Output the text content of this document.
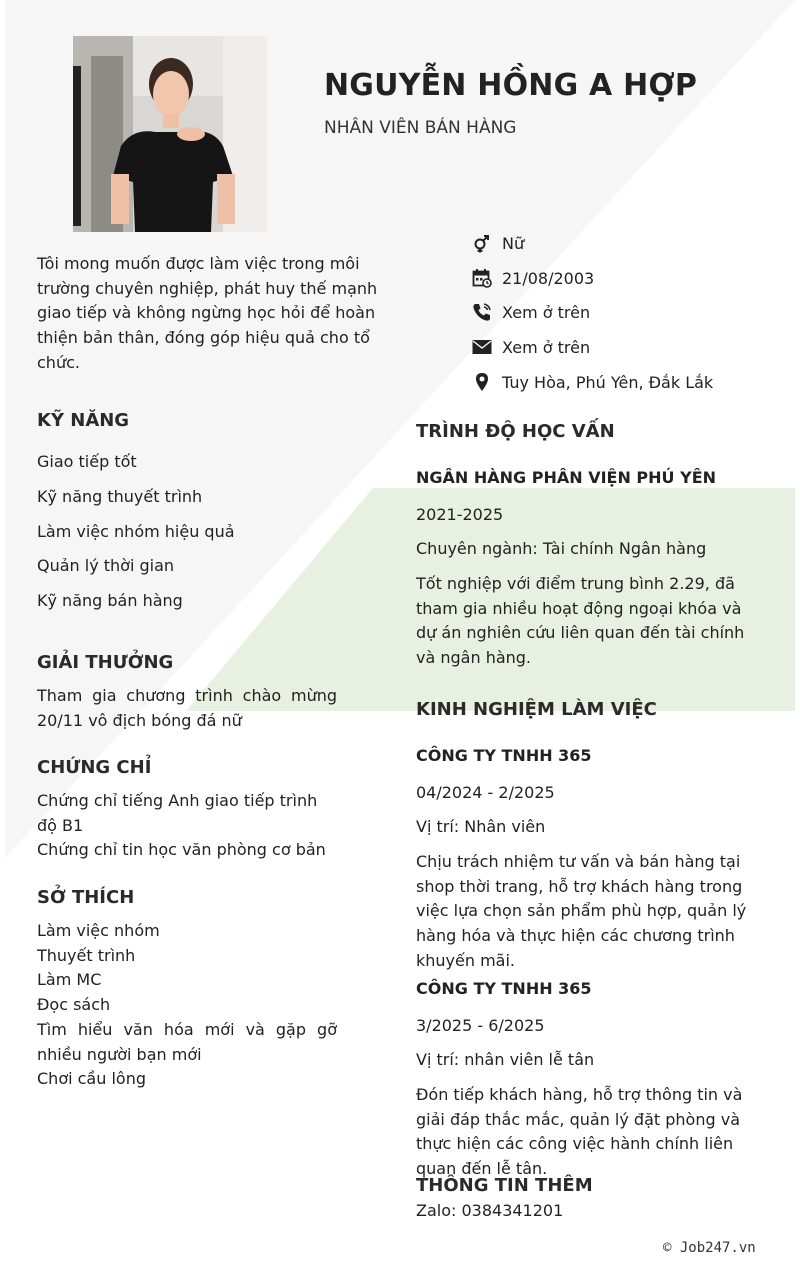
NGUYỄN HỒNG A HỢP
NHÂN VIÊN BÁN HÀNG

Tôi mong muốn được làm việc trong môi trường chuyên nghiệp, phát huy thế mạnh giao tiếp và không ngừng học hỏi để hoàn thiện bản thân, đóng góp hiệu quả cho tổ chức.

Nữ
21/08/2003
Xem ở trên
Xem ở trên
Tuy Hòa, Phú Yên, Đắk Lắk
KỸ NĂNG
Giao tiếp tốt
Kỹ năng thuyết trình
Làm việc nhóm hiệu quả
Quản lý thời gian
Kỹ năng bán hàng
GIẢI THƯỞNG

Tham gia chương trình chào mừng 20/11 vô địch bóng đá nữ

CHỨNG CHỈ

Chứng chỉ tiếng Anh giao tiếp trình độ B1

Chứng chỉ tin học văn phòng cơ bản

SỞ THÍCH

Làm việc nhóm

Thuyết trình

Làm MC

Đọc sách

Tìm hiểu văn hóa mới và gặp gỡ nhiều người bạn mới

Chơi cầu lông

TRÌNH ĐỘ HỌC VẤN
NGÂN HÀNG PHÂN VIỆN PHÚ YÊN
2021-2025
Chuyên ngành: Tài chính Ngân hàng

Tốt nghiệp với điểm trung bình 2.29, đã tham gia nhiều hoạt động ngoại khóa và dự án nghiên cứu liên quan đến tài chính và ngân hàng.

KINH NGHIỆM LÀM VIỆC
CÔNG TY TNHH 365
04/2024 - 2/2025
Vị trí: Nhân viên

Chịu trách nhiệm tư vấn và bán hàng tại shop thời trang, hỗ trợ khách hàng trong việc lựa chọn sản phẩm phù hợp, quản lý hàng hóa và thực hiện các chương trình khuyến mãi.

CÔNG TY TNHH 365
3/2025 - 6/2025
Vị trí: nhân viên lễ tân

Đón tiếp khách hàng, hỗ trợ thông tin và giải đáp thắc mắc, quản lý đặt phòng và thực hiện các công việc hành chính liên quan đến lễ tân.

THÔNG TIN THÊM
Zalo: 0384341201
© Job247.vn
